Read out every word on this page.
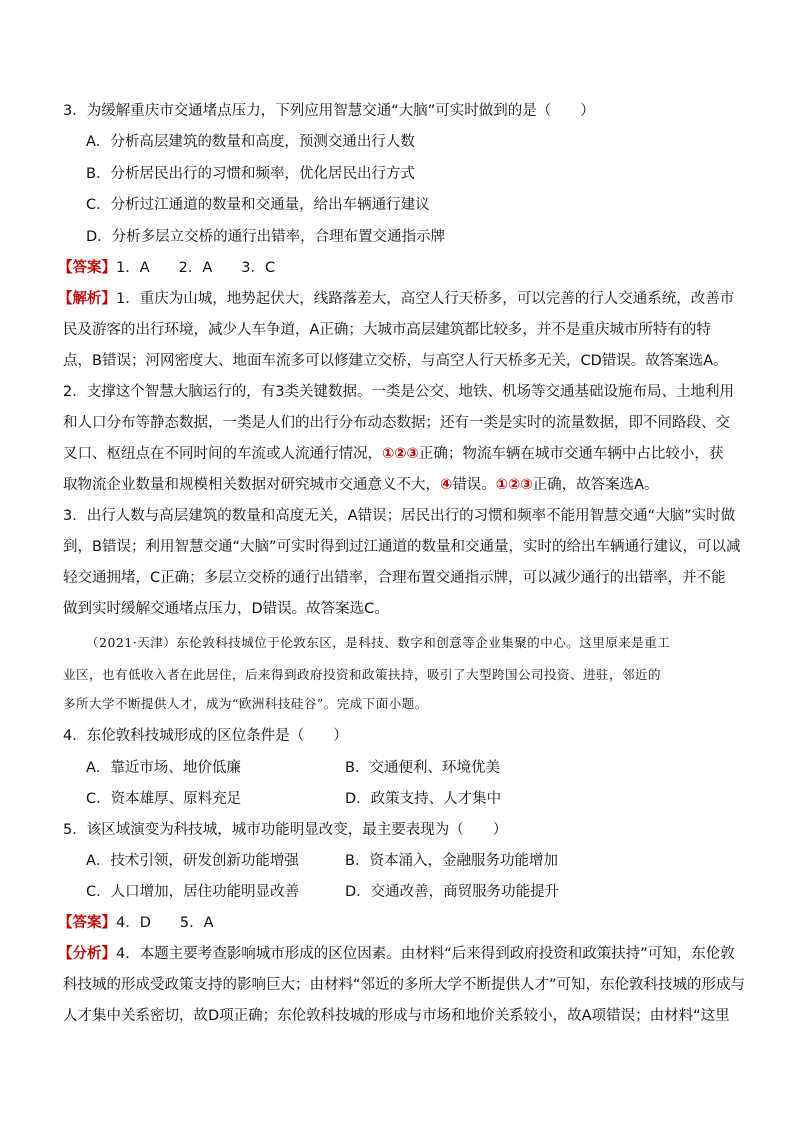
3．为缓解重庆市交通堵点压力，下列应用智慧交通“大脑”可实时做到的是（　　）
A．分析高层建筑的数量和高度，预测交通出行人数
B．分析居民出行的习惯和频率，优化居民出行方式
C．分析过江通道的数量和交通量，给出车辆通行建议
D．分析多层立交桥的通行出错率，合理布置交通指示牌
【答案】1．A　　2．A　　3．C
【解析】1．重庆为山城，地势起伏大，线路落差大，高空人行天桥多，可以完善的行人交通系统，改善市
民及游客的出行环境，减少人车争道，A正确；大城市高层建筑都比较多，并不是重庆城市所特有的特
点，B错误；河网密度大、地面车流多可以修建立交桥，与高空人行天桥多无关，CD错误。故答案选A。
2．支撑这个智慧大脑运行的，有3类关键数据。一类是公交、地铁、机场等交通基础设施布局、土地利用
和人口分布等静态数据，一类是人们的出行分布动态数据；还有一类是实时的流量数据，即不同路段、交
叉口、枢纽点在不同时间的车流或人流通行情况，①②③正确；物流车辆在城市交通车辆中占比较小，获
取物流企业数量和规模相关数据对研究城市交通意义不大，④错误。①②③正确，故答案选A。
3．出行人数与高层建筑的数量和高度无关，A错误；居民出行的习惯和频率不能用智慧交通“大脑”实时做
到，B错误；利用智慧交通“大脑”可实时得到过江通道的数量和交通量，实时的给出车辆通行建议，可以减
轻交通拥堵，C正确；多层立交桥的通行出错率，合理布置交通指示牌，可以减少通行的出错率，并不能
做到实时缓解交通堵点压力，D错误。故答案选C。
（2021·天津）东伦敦科技城位于伦敦东区，是科技、数字和创意等企业集聚的中心。这里原来是重工
业区，也有低收入者在此居住，后来得到政府投资和政策扶持，吸引了大型跨国公司投资、进驻，邻近的
多所大学不断提供人才，成为“欧洲科技硅谷”。完成下面小题。
4．东伦敦科技城形成的区位条件是（　　）
A．靠近市场、地价低廉	B．交通便利、环境优美
C．资本雄厚、原料充足	D．政策支持、人才集中
5．该区域演变为科技城，城市功能明显改变，最主要表现为（　　）
A．技术引领，研发创新功能增强	B．资本涌入，金融服务功能增加
C．人口增加，居住功能明显改善	D．交通改善，商贸服务功能提升
【答案】4．D　　5．A
【分析】4．本题主要考查影响城市形成的区位因素。由材料“后来得到政府投资和政策扶持”可知，东伦敦
科技城的形成受政策支持的影响巨大；由材料“邻近的多所大学不断提供人才”可知，东伦敦科技城的形成与
人才集中关系密切，故D项正确；东伦敦科技城的形成与市场和地价关系较小，故A项错误；由材料“这里
